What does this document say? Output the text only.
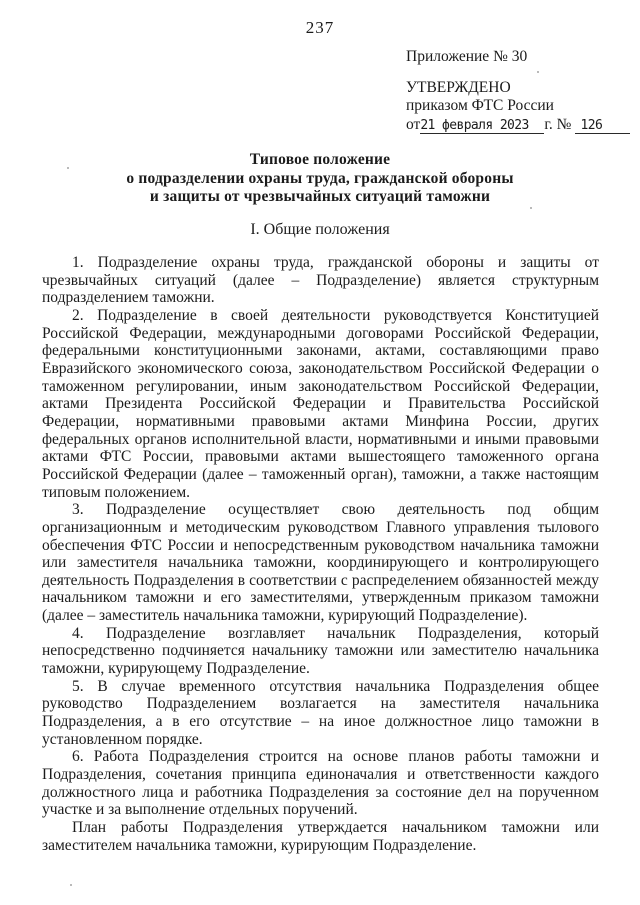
237
Приложение № 30
УТВЕРЖДЕНО
приказом ФТС России
от21 февраля 2023 г. № 126
Типовое положение
о подразделении охраны труда, гражданской обороны
и защиты от чрезвычайных ситуаций таможни
I. Общие положения

1. Подразделение охраны труда, гражданской обороны и защиты от чрезвычайных ситуаций (далее – Подразделение) является структурным подразделением таможни.

2. Подразделение в своей деятельности руководствуется Конституцией Российской Федерации, международными договорами Российской Федерации, федеральными конституционными законами, актами, составляющими право Евразийского экономического союза, законодательством Российской Федерации о таможенном регулировании, иным законодательством Российской Федерации, актами Президента Российской Федерации и Правительства Российской Федерации, нормативными правовыми актами Минфина России, других федеральных органов исполнительной власти, нормативными и иными правовыми актами ФТС России, правовыми актами вышестоящего таможенного органа Российской Федерации (далее – таможенный орган), таможни, а также настоящим типовым положением.

3. Подразделение осуществляет свою деятельность под общим организационным и методическим руководством Главного управления тылового обеспечения ФТС России и непосредственным руководством начальника таможни или заместителя начальника таможни, координирующего и контролирующего деятельность Подразделения в соответствии с распределением обязанностей между начальником таможни и его заместителями, утвержденным приказом таможни (далее – заместитель начальника таможни, курирующий Подразделение).

4. Подразделение возглавляет начальник Подразделения, который непосредственно подчиняется начальнику таможни или заместителю начальника таможни, курирующему Подразделение.

5. В случае временного отсутствия начальника Подразделения общее руководство Подразделением возлагается на заместителя начальника Подразделения, а в его отсутствие – на иное должностное лицо таможни в установленном порядке.

6. Работа Подразделения строится на основе планов работы таможни и Подразделения, сочетания принципа единоначалия и ответственности каждого должностного лица и работника Подразделения за состояние дел на порученном участке и за выполнение отдельных поручений.

План работы Подразделения утверждается начальником таможни или заместителем начальника таможни, курирующим Подразделение.
